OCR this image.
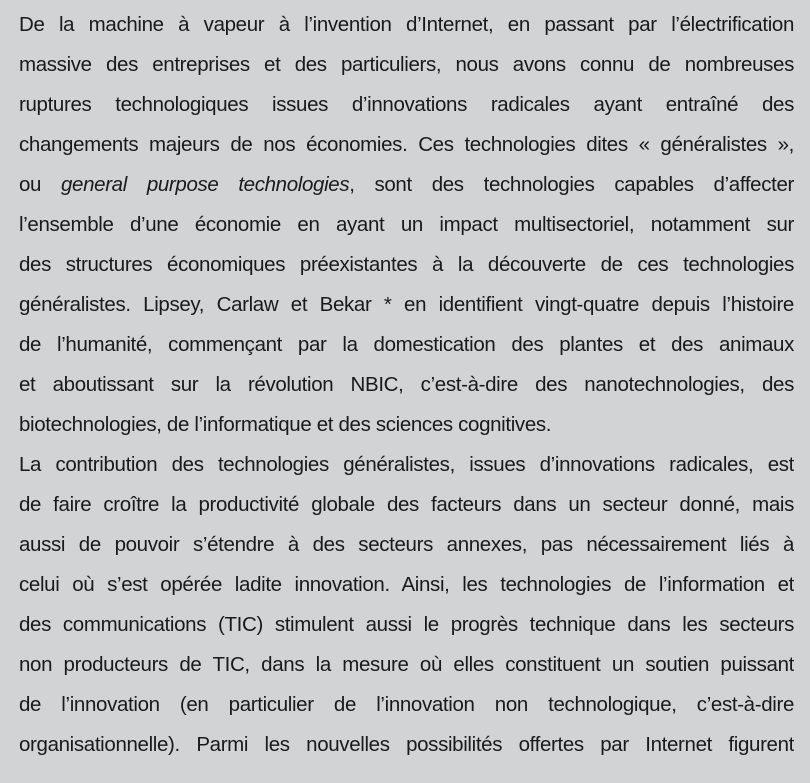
De la machine à vapeur à l’invention d’Internet, en passant par l’électrification
massive des entreprises et des particuliers, nous avons connu de nombreuses
ruptures technologiques issues d’innovations radicales ayant entraîné des
changements majeurs de nos économies. Ces technologies dites « généralistes »,
ou general purpose technologies, sont des technologies capables d’affecter
l’ensemble d’une économie en ayant un impact multisectoriel, notamment sur
des structures économiques préexistantes à la découverte de ces technologies
généralistes. Lipsey, Carlaw et Bekar * en identifient vingt-quatre depuis l’histoire
de l’humanité, commençant par la domestication des plantes et des animaux
et aboutissant sur la révolution NBIC, c’est-à-dire des nanotechnologies, des
biotechnologies, de l’informatique et des sciences cognitives.
La contribution des technologies généralistes, issues d’innovations radicales, est
de faire croître la productivité globale des facteurs dans un secteur donné, mais
aussi de pouvoir s’étendre à des secteurs annexes, pas nécessairement liés à
celui où s’est opérée ladite innovation. Ainsi, les technologies de l’information et
des communications (TIC) stimulent aussi le progrès technique dans les secteurs
non producteurs de TIC, dans la mesure où elles constituent un soutien puissant
de l’innovation (en particulier de l’innovation non technologique, c’est-à-dire
organisationnelle). Parmi les nouvelles possibilités offertes par Internet figurent
